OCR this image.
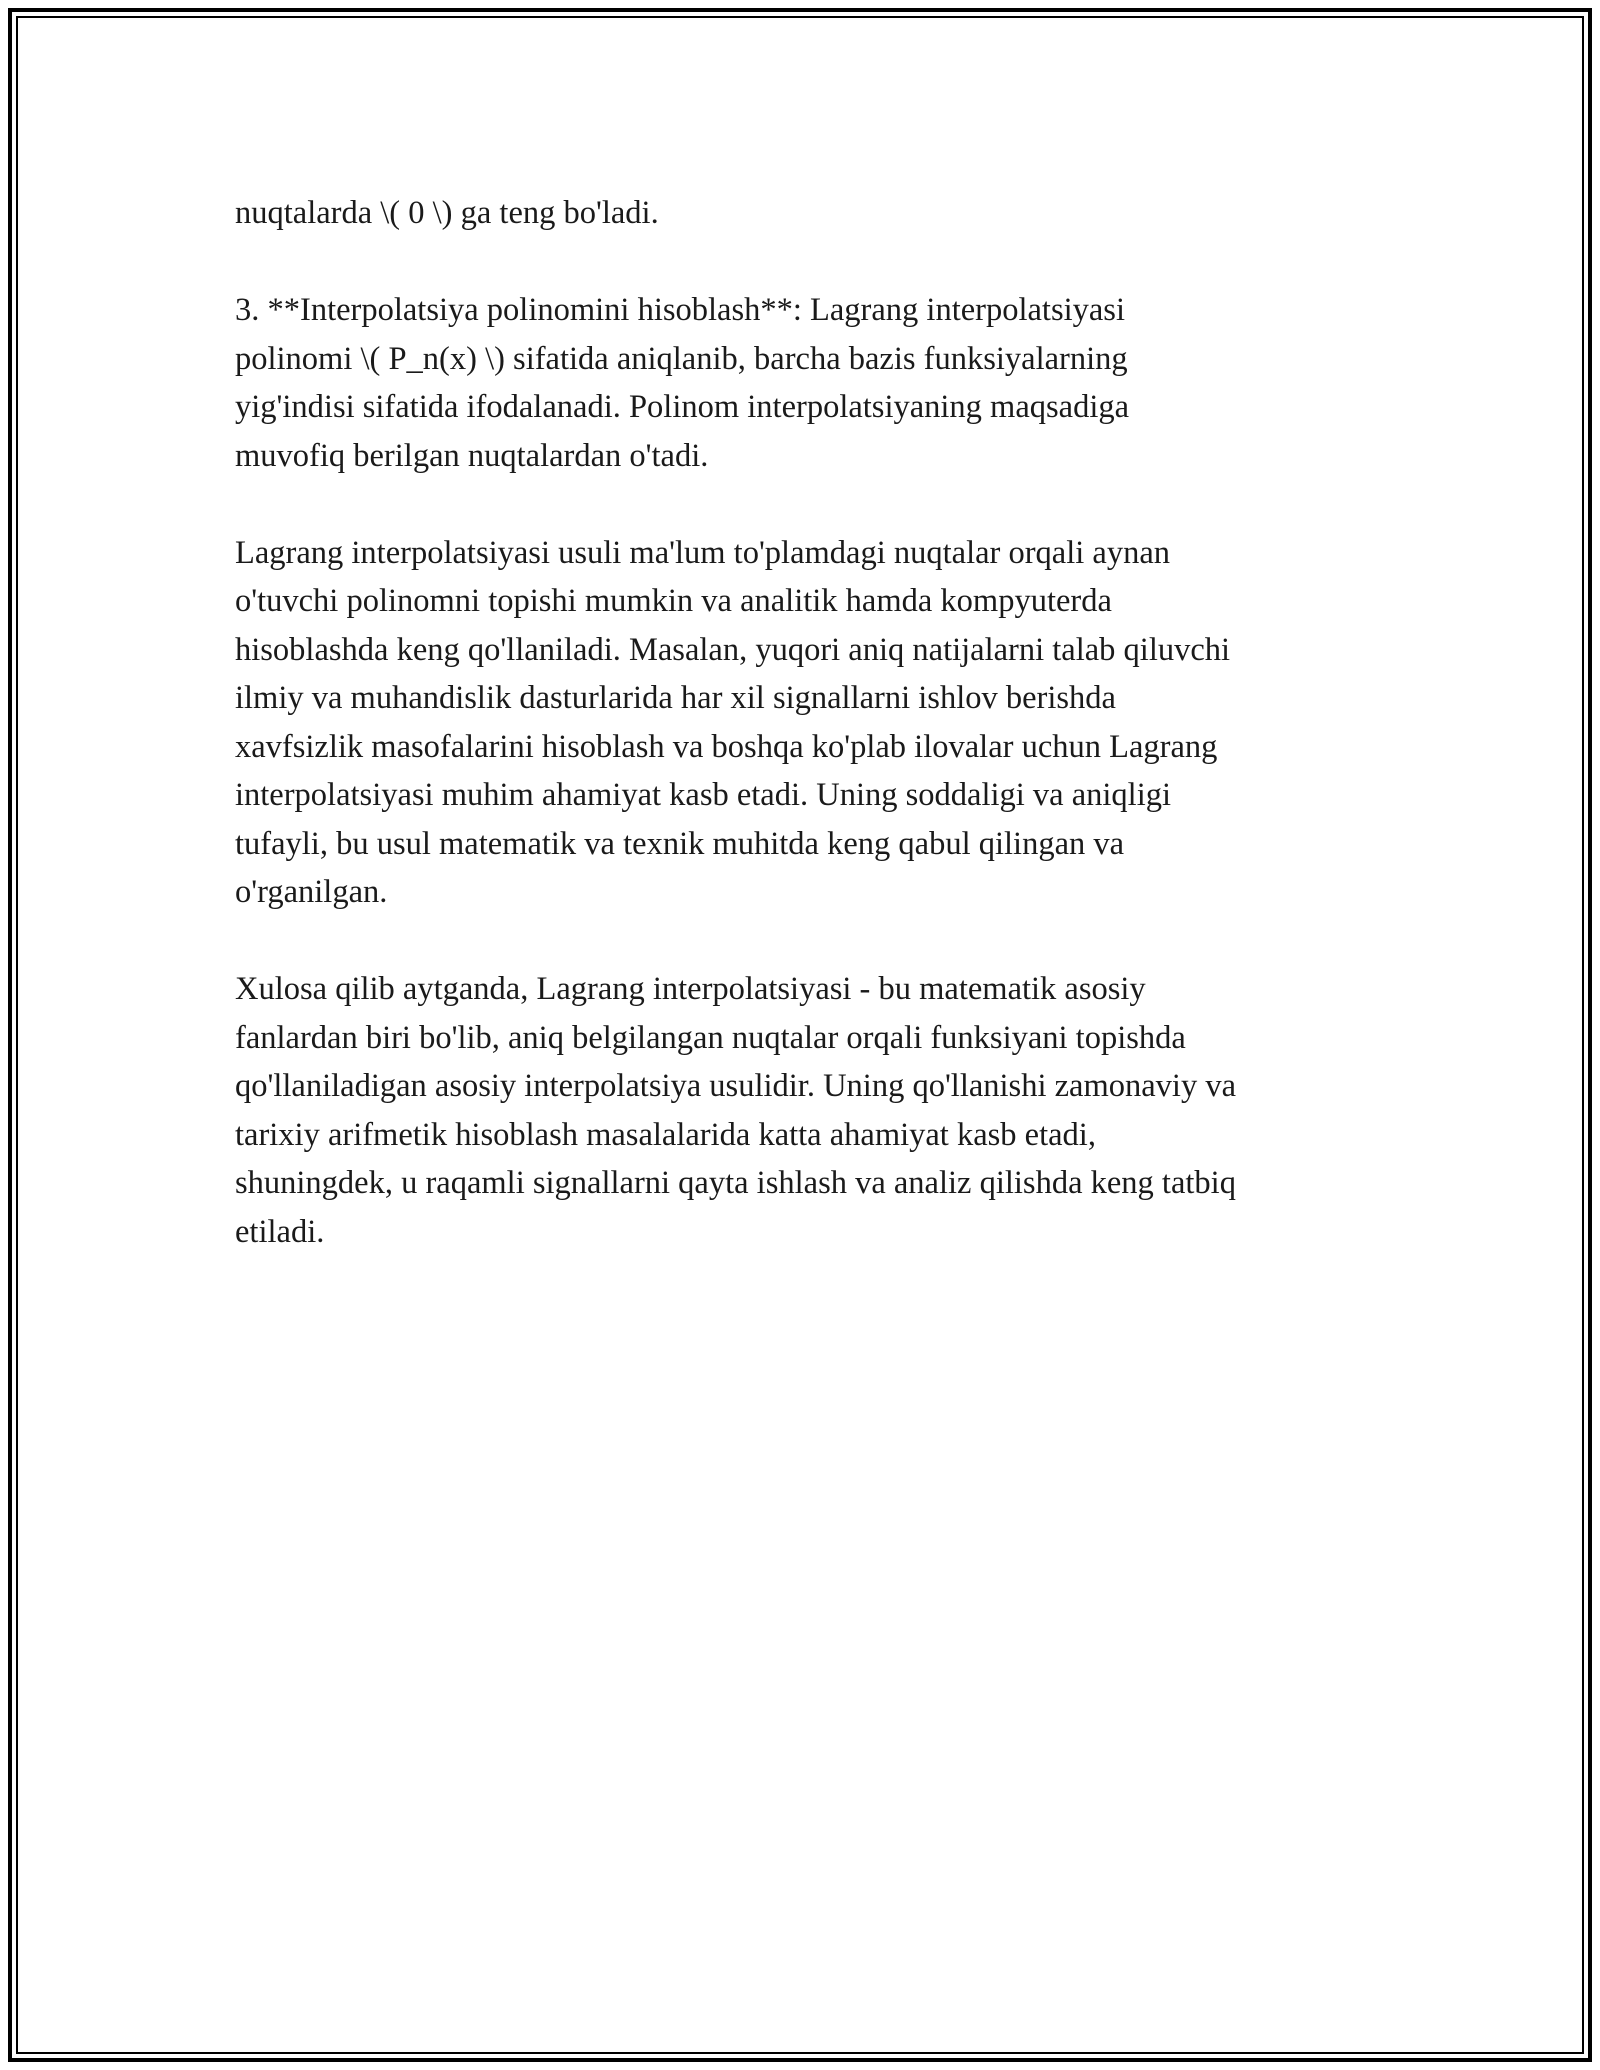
nuqtalarda \( 0 \) ga teng bo'ladi.

3. **Interpolatsiya polinomini hisoblash**: Lagrang interpolatsiyasi
polinomi \( P_n(x) \) sifatida aniqlanib, barcha bazis funksiyalarning
yig'indisi sifatida ifodalanadi. Polinom interpolatsiyaning maqsadiga
muvofiq berilgan nuqtalardan o'tadi.

Lagrang interpolatsiyasi usuli ma'lum to'plamdagi nuqtalar orqali aynan
o'tuvchi polinomni topishi mumkin va analitik hamda kompyuterda
hisoblashda keng qo'llaniladi. Masalan, yuqori aniq natijalarni talab qiluvchi
ilmiy va muhandislik dasturlarida har xil signallarni ishlov berishda
xavfsizlik masofalarini hisoblash va boshqa ko'plab ilovalar uchun Lagrang
interpolatsiyasi muhim ahamiyat kasb etadi. Uning soddaligi va aniqligi
tufayli, bu usul matematik va texnik muhitda keng qabul qilingan va
o'rganilgan.

Xulosa qilib aytganda, Lagrang interpolatsiyasi - bu matematik asosiy
fanlardan biri bo'lib, aniq belgilangan nuqtalar orqali funksiyani topishda
qo'llaniladigan asosiy interpolatsiya usulidir. Uning qo'llanishi zamonaviy va
tarixiy arifmetik hisoblash masalalarida katta ahamiyat kasb etadi,
shuningdek, u raqamli signallarni qayta ishlash va analiz qilishda keng tatbiq
etiladi.
